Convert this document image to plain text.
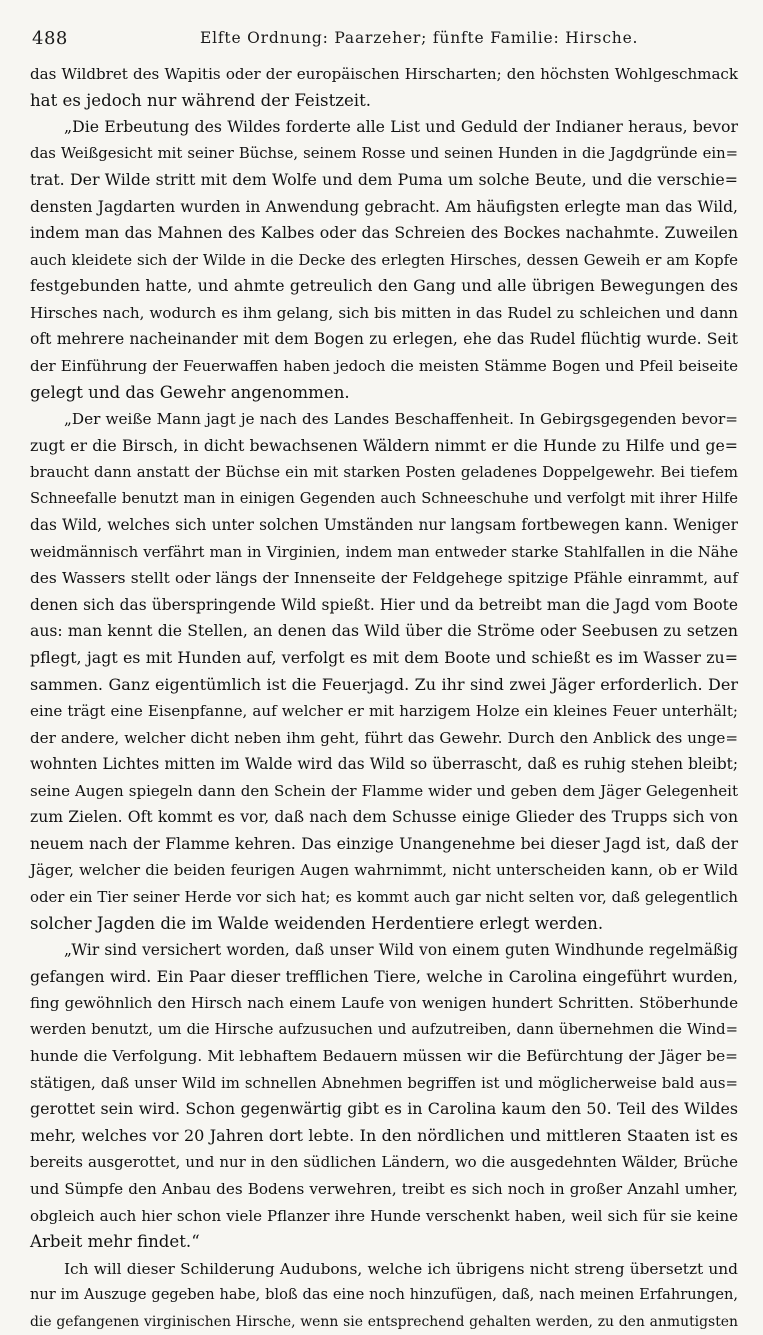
488	Elfte Ordnung: Paarzeher; fünfte Familie: Hirsche.
das Wildbret des Wapitis oder der europäischen Hirscharten; den höchsten Wohlgeschmack
hat es jedoch nur während der Feistzeit.
„Die Erbeutung des Wildes forderte alle List und Geduld der Indianer heraus, bevor
das Weißgesicht mit seiner Büchse, seinem Rosse und seinen Hunden in die Jagdgründe ein=
trat. Der Wilde stritt mit dem Wolfe und dem Puma um solche Beute, und die verschie=
densten Jagdarten wurden in Anwendung gebracht. Am häufigsten erlegte man das Wild,
indem man das Mahnen des Kalbes oder das Schreien des Bockes nachahmte. Zuweilen
auch kleidete sich der Wilde in die Decke des erlegten Hirsches, dessen Geweih er am Kopfe
festgebunden hatte, und ahmte getreulich den Gang und alle übrigen Bewegungen des
Hirsches nach, wodurch es ihm gelang, sich bis mitten in das Rudel zu schleichen und dann
oft mehrere nacheinander mit dem Bogen zu erlegen, ehe das Rudel flüchtig wurde. Seit
der Einführung der Feuerwaffen haben jedoch die meisten Stämme Bogen und Pfeil beiseite
gelegt und das Gewehr angenommen.
„Der weiße Mann jagt je nach des Landes Beschaffenheit. In Gebirgsgegenden bevor=
zugt er die Birsch, in dicht bewachsenen Wäldern nimmt er die Hunde zu Hilfe und ge=
braucht dann anstatt der Büchse ein mit starken Posten geladenes Doppelgewehr. Bei tiefem
Schneefalle benutzt man in einigen Gegenden auch Schneeschuhe und verfolgt mit ihrer Hilfe
das Wild, welches sich unter solchen Umständen nur langsam fortbewegen kann. Weniger
weidmännisch verfährt man in Virginien, indem man entweder starke Stahlfallen in die Nähe
des Wassers stellt oder längs der Innenseite der Feldgehege spitzige Pfähle einrammt, auf
denen sich das überspringende Wild spießt. Hier und da betreibt man die Jagd vom Boote
aus: man kennt die Stellen, an denen das Wild über die Ströme oder Seebusen zu setzen
pflegt, jagt es mit Hunden auf, verfolgt es mit dem Boote und schießt es im Wasser zu=
sammen. Ganz eigentümlich ist die Feuerjagd. Zu ihr sind zwei Jäger erforderlich. Der
eine trägt eine Eisenpfanne, auf welcher er mit harzigem Holze ein kleines Feuer unterhält;
der andere, welcher dicht neben ihm geht, führt das Gewehr. Durch den Anblick des unge=
wohnten Lichtes mitten im Walde wird das Wild so überrascht, daß es ruhig stehen bleibt;
seine Augen spiegeln dann den Schein der Flamme wider und geben dem Jäger Gelegenheit
zum Zielen. Oft kommt es vor, daß nach dem Schusse einige Glieder des Trupps sich von
neuem nach der Flamme kehren. Das einzige Unangenehme bei dieser Jagd ist, daß der
Jäger, welcher die beiden feurigen Augen wahrnimmt, nicht unterscheiden kann, ob er Wild
oder ein Tier seiner Herde vor sich hat; es kommt auch gar nicht selten vor, daß gelegentlich
solcher Jagden die im Walde weidenden Herdentiere erlegt werden.
„Wir sind versichert worden, daß unser Wild von einem guten Windhunde regelmäßig
gefangen wird. Ein Paar dieser trefflichen Tiere, welche in Carolina eingeführt wurden,
fing gewöhnlich den Hirsch nach einem Laufe von wenigen hundert Schritten. Stöberhunde
werden benutzt, um die Hirsche aufzusuchen und aufzutreiben, dann übernehmen die Wind=
hunde die Verfolgung. Mit lebhaftem Bedauern müssen wir die Befürchtung der Jäger be=
stätigen, daß unser Wild im schnellen Abnehmen begriffen ist und möglicherweise bald aus=
gerottet sein wird. Schon gegenwärtig gibt es in Carolina kaum den 50. Teil des Wildes
mehr, welches vor 20 Jahren dort lebte. In den nördlichen und mittleren Staaten ist es
bereits ausgerottet, und nur in den südlichen Ländern, wo die ausgedehnten Wälder, Brüche
und Sümpfe den Anbau des Bodens verwehren, treibt es sich noch in großer Anzahl umher,
obgleich auch hier schon viele Pflanzer ihre Hunde verschenkt haben, weil sich für sie keine
Arbeit mehr findet.“
Ich will dieser Schilderung Audubons, welche ich übrigens nicht streng übersetzt und
nur im Auszuge gegeben habe, bloß das eine noch hinzufügen, daß, nach meinen Erfahrungen,
die gefangenen virginischen Hirsche, wenn sie entsprechend gehalten werden, zu den anmutigsten
